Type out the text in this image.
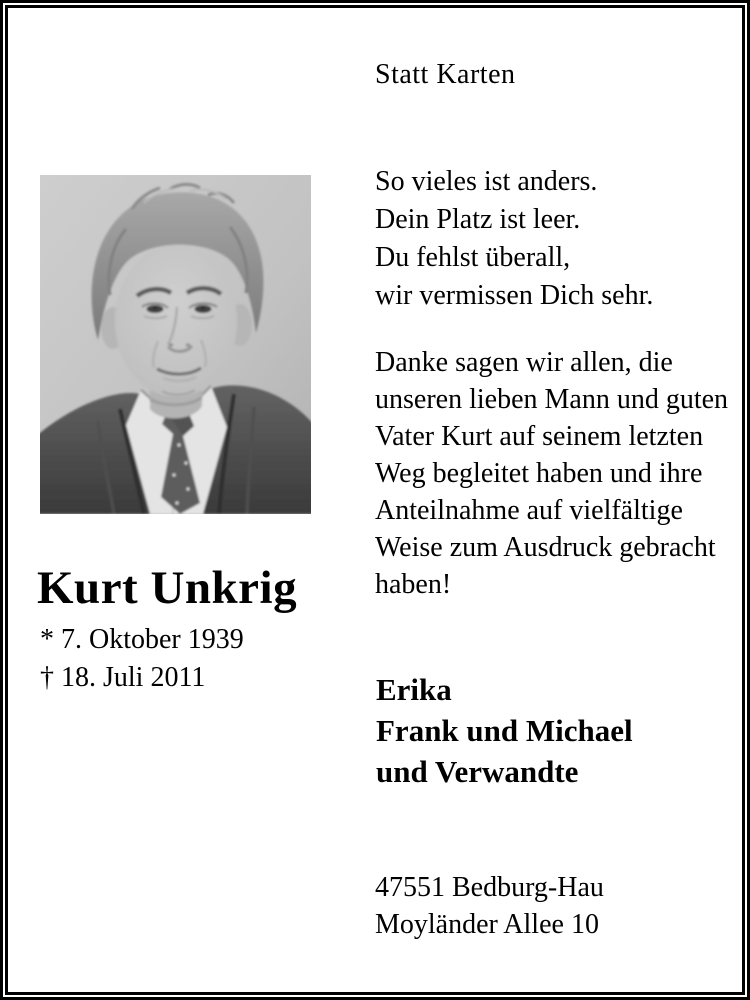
Statt Karten
So vieles ist anders.
Dein Platz ist leer.
Du fehlst überall,
wir vermissen Dich sehr.
Danke sagen wir allen, die
unseren lieben Mann und guten
Vater Kurt auf seinem letzten
Weg begleitet haben und ihre
Anteilnahme auf vielfältige
Weise zum Ausdruck gebracht
haben!
Kurt Unkrig
* 7. Oktober 1939
† 18. Juli 2011	Erika
Frank und Michael
und Verwandte
47551 Bedburg-Hau
Moyländer Allee 10
